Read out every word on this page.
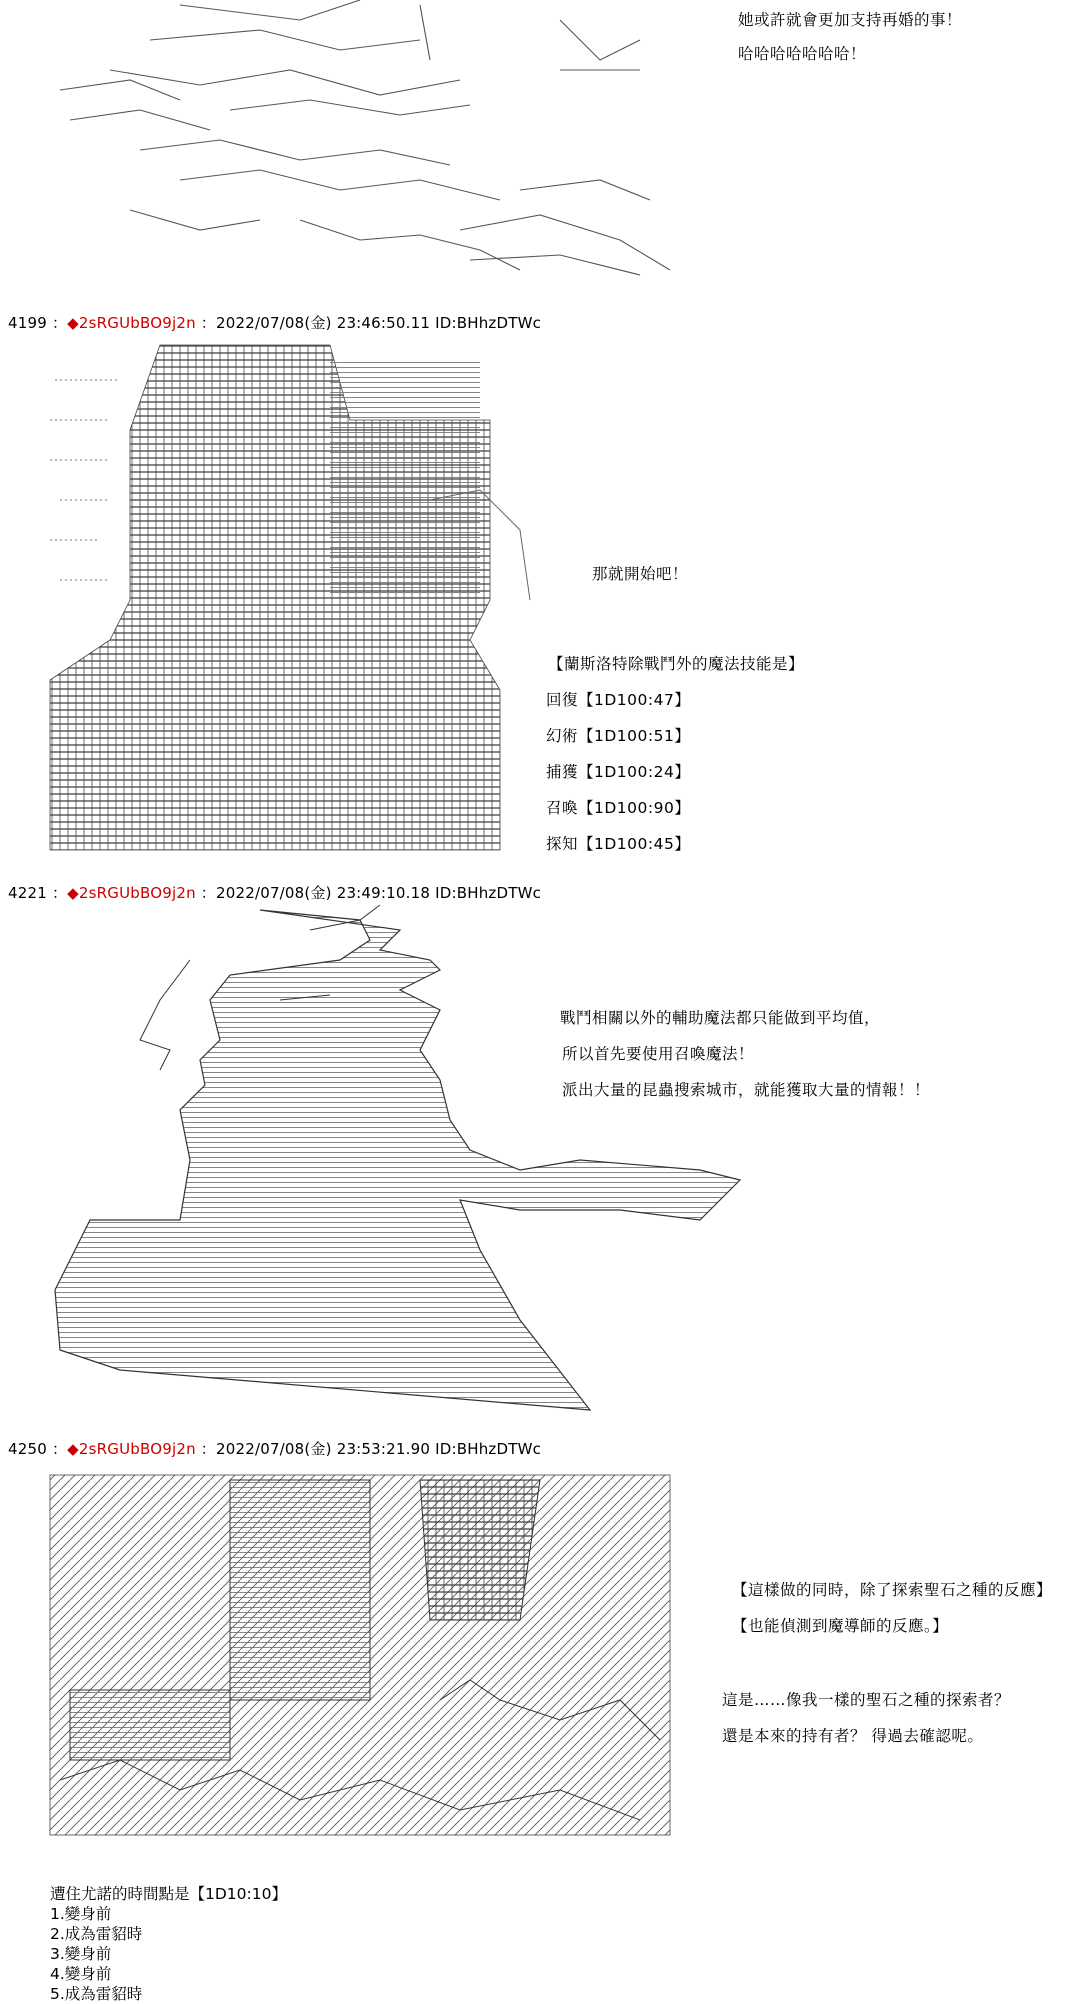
她或許就會更加支持再婚的事！
哈哈哈哈哈哈哈！
4199 ：◆2sRGUbBO9j2n ：2022/07/08(金) 23:46:50.11 ID:BHhzDTWc
那就開始吧！
【蘭斯洛特除戰鬥外的魔法技能是】
回復【1D100:47】
幻術【1D100:51】
捕獲【1D100:24】
召喚【1D100:90】
探知【1D100:45】
4221 ：◆2sRGUbBO9j2n ：2022/07/08(金) 23:49:10.18 ID:BHhzDTWc
戰鬥相關以外的輔助魔法都只能做到平均值，
所以首先要使用召喚魔法！
派出大量的昆蟲搜索城市，就能獲取大量的情報！！
4250 ：◆2sRGUbBO9j2n ：2022/07/08(金) 23:53:21.90 ID:BHhzDTWc
【這樣做的同時，除了探索聖石之種的反應】
【也能偵測到魔導師的反應。】
這是……像我一樣的聖石之種的探索者？
還是本來的持有者？ 得過去確認呢。
遭住尤諾的時間點是【1D10:10】
1.變身前
2.成為雷貂時
3.變身前
4.變身前
5.成為雷貂時
